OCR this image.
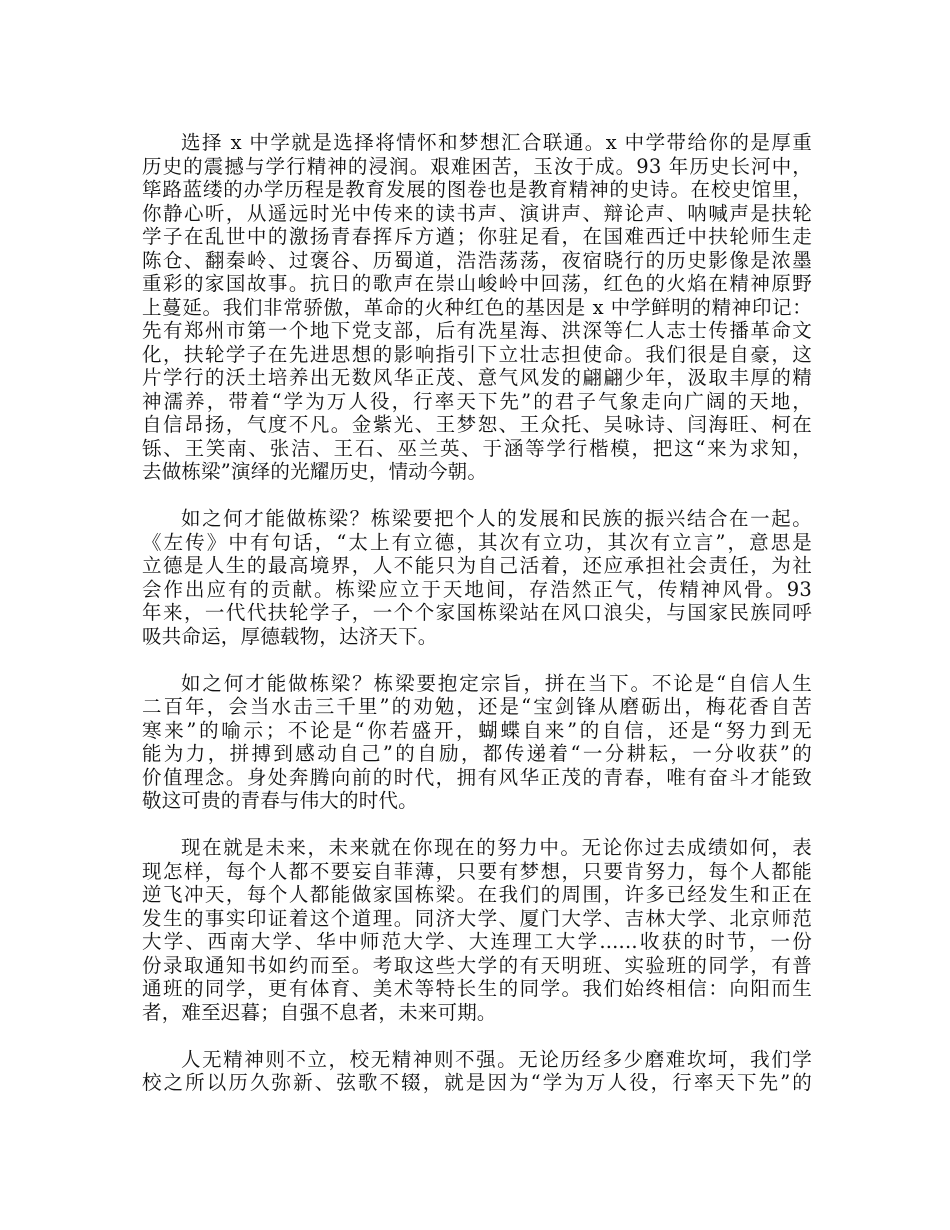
选择 x 中学就是选择将情怀和梦想汇合联通。x 中学带给你的是厚重
历史的震撼与学行精神的浸润。艰难困苦，玉汝于成。93 年历史长河中，
筚路蓝缕的办学历程是教育发展的图卷也是教育精神的史诗。在校史馆里，
你静心听，从遥远时光中传来的读书声、演讲声、辩论声、呐喊声是扶轮
学子在乱世中的激扬青春挥斥方遒；你驻足看，在国难西迁中扶轮师生走
陈仓、翻秦岭、过褒谷、历蜀道，浩浩荡荡，夜宿晓行的历史影像是浓墨
重彩的家国故事。抗日的歌声在崇山峻岭中回荡，红色的火焰在精神原野
上蔓延。我们非常骄傲，革命的火种红色的基因是 x 中学鲜明的精神印记：
先有郑州市第一个地下党支部，后有冼星海、洪深等仁人志士传播革命文
化，扶轮学子在先进思想的影响指引下立壮志担使命。我们很是自豪，这
片学行的沃土培养出无数风华正茂、意气风发的翩翩少年，汲取丰厚的精
神濡养，带着“学为万人役，行率天下先”的君子气象走向广阔的天地，
自信昂扬，气度不凡。金紫光、王梦恕、王众托、吴咏诗、闫海旺、柯在
铄、王笑南、张洁、王石、巫兰英、于涵等学行楷模，把这“来为求知，
去做栋梁”演绎的光耀历史，情动今朝。
如之何才能做栋梁？栋梁要把个人的发展和民族的振兴结合在一起。
《左传》中有句话，“太上有立德，其次有立功，其次有立言”，意思是
立德是人生的最高境界，人不能只为自己活着，还应承担社会责任，为社
会作出应有的贡献。栋梁应立于天地间，存浩然正气，传精神风骨。93
年来，一代代扶轮学子，一个个家国栋梁站在风口浪尖，与国家民族同呼
吸共命运，厚德载物，达济天下。
如之何才能做栋梁？栋梁要抱定宗旨，拼在当下。不论是“自信人生
二百年，会当水击三千里”的劝勉，还是“宝剑锋从磨砺出，梅花香自苦
寒来”的喻示；不论是“你若盛开，蝴蝶自来”的自信，还是“努力到无
能为力，拼搏到感动自己”的自励，都传递着“一分耕耘，一分收获”的
价值理念。身处奔腾向前的时代，拥有风华正茂的青春，唯有奋斗才能致
敬这可贵的青春与伟大的时代。
现在就是未来，未来就在你现在的努力中。无论你过去成绩如何，表
现怎样，每个人都不要妄自菲薄，只要有梦想，只要肯努力，每个人都能
逆飞冲天，每个人都能做家国栋梁。在我们的周围，许多已经发生和正在
发生的事实印证着这个道理。同济大学、厦门大学、吉林大学、北京师范
大学、西南大学、华中师范大学、大连理工大学......收获的时节，一份
份录取通知书如约而至。考取这些大学的有天明班、实验班的同学，有普
通班的同学，更有体育、美术等特长生的同学。我们始终相信：向阳而生
者，难至迟暮；自强不息者，未来可期。
人无精神则不立，校无精神则不强。无论历经多少磨难坎坷，我们学
校之所以历久弥新、弦歌不辍，就是因为“学为万人役，行率天下先”的
